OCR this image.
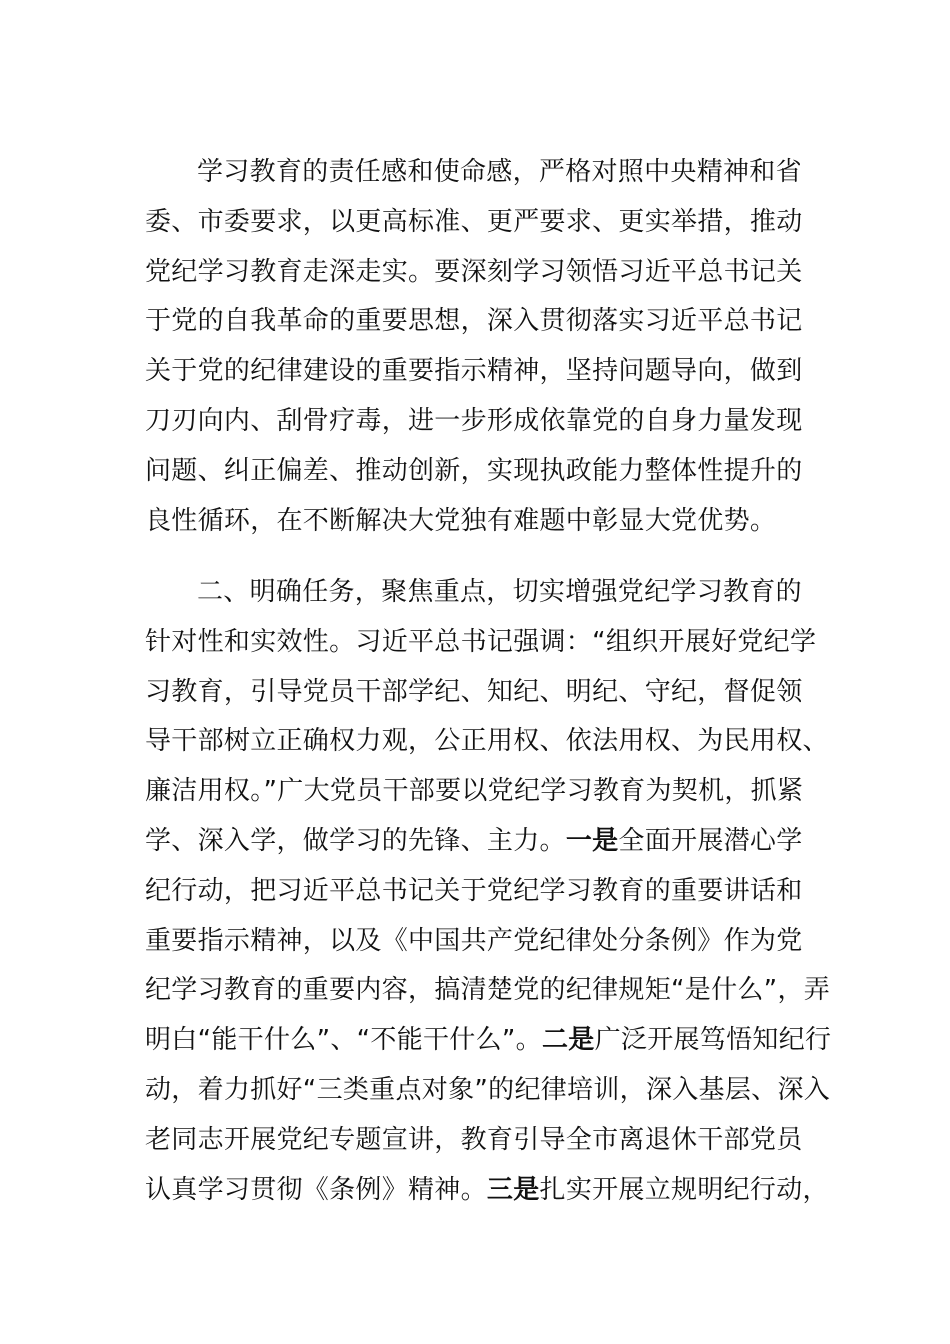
学习教育的责任感和使命感，严格对照中央精神和省
委、市委要求，以更高标准、更严要求、更实举措，推动
党纪学习教育走深走实。要深刻学习领悟习近平总书记关
于党的自我革命的重要思想，深入贯彻落实习近平总书记
关于党的纪律建设的重要指示精神，坚持问题导向，做到
刀刃向内、刮骨疗毒，进一步形成依靠党的自身力量发现
问题、纠正偏差、推动创新，实现执政能力整体性提升的
良性循环，在不断解决大党独有难题中彰显大党优势。
二、明确任务，聚焦重点，切实增强党纪学习教育的
针对性和实效性。习近平总书记强调：“组织开展好党纪学
习教育，引导党员干部学纪、知纪、明纪、守纪，督促领
导干部树立正确权力观，公正用权、依法用权、为民用权、
廉洁用权。”广大党员干部要以党纪学习教育为契机，抓紧
学、深入学，做学习的先锋、主力。一是全面开展潜心学
纪行动，把习近平总书记关于党纪学习教育的重要讲话和
重要指示精神，以及《中国共产党纪律处分条例》作为党
纪学习教育的重要内容，搞清楚党的纪律规矩“是什么”，弄
明白“能干什么”、“不能干什么”。二是广泛开展笃悟知纪行
动，着力抓好“三类重点对象”的纪律培训，深入基层、深入
老同志开展党纪专题宣讲，教育引导全市离退休干部党员
认真学习贯彻《条例》精神。三是扎实开展立规明纪行动，
